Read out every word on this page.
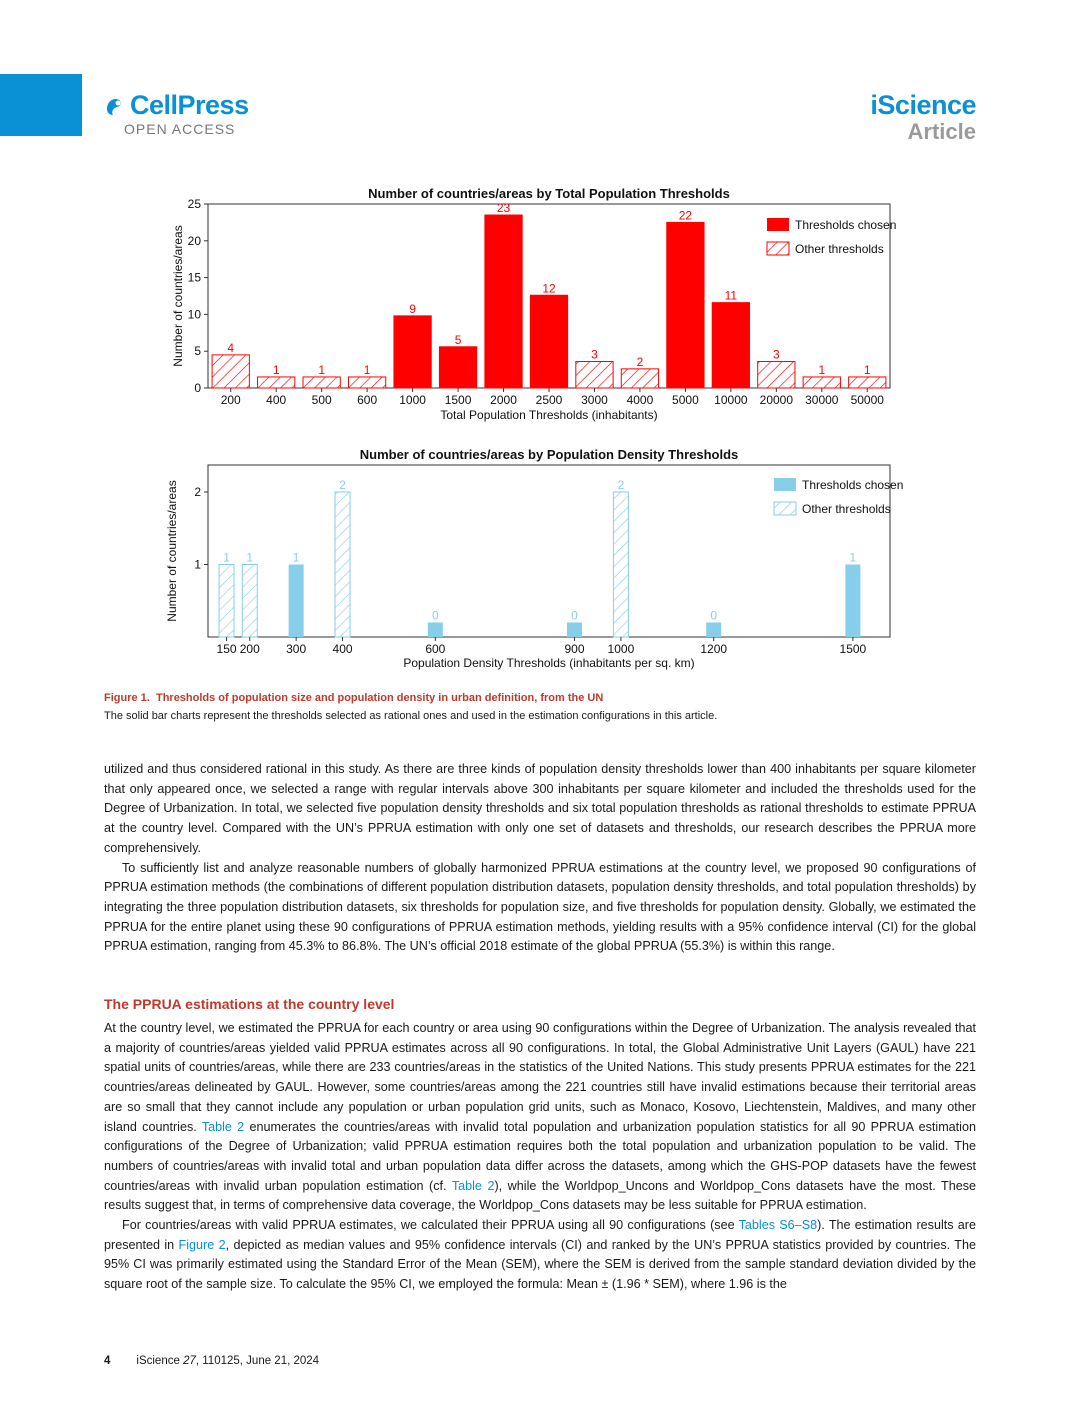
CellPress
OPEN ACCESS
iScience
Article
Number of countries/areas by Total Population Thresholds
0
5
10
15
20
25
Number of countries/areas	4
200
1
400
1
500
1
600
9
1000
5
1500
23
2000
12
2500
3
3000
2
4000
22
5000
11
10000
3
20000
1
30000
1
50000
Total Population Thresholds (inhabitants)
Thresholds chosen
Other thresholds
Number of countries/areas by Population Density Thresholds
1
2
Number of countries/areas	1
150
1
200
1
300
2
400
0
600
0
900
2
1000
0
1200
1
1500
Population Density Thresholds (inhabitants per sq. km)
Thresholds chosen
Other thresholds
Figure 1. Thresholds of population size and population density in urban definition, from the UN
The solid bar charts represent the thresholds selected as rational ones and used in the estimation configurations in this article.

utilized and thus considered rational in this study. As there are three kinds of population density thresholds lower than 400 inhabitants per square kilometer that only appeared once, we selected a range with regular intervals above 300 inhabitants per square kilometer and included the thresholds used for the Degree of Urbanization. In total, we selected five population density thresholds and six total population thresholds as rational thresholds to estimate PPRUA at the country level. Compared with the UN’s PPRUA estimation with only one set of datasets and thresholds, our research describes the PPRUA more comprehensively.

To sufficiently list and analyze reasonable numbers of globally harmonized PPRUA estimations at the country level, we proposed 90 configurations of PPRUA estimation methods (the combinations of different population distribution datasets, population density thresholds, and total population thresholds) by integrating the three population distribution datasets, six thresholds for population size, and five thresholds for population density. Globally, we estimated the PPRUA for the entire planet using these 90 configurations of PPRUA estimation methods, yielding results with a 95% confidence interval (CI) for the global PPRUA estimation, ranging from 45.3% to 86.8%. The UN’s official 2018 estimate of the global PPRUA (55.3%) is within this range.

The PPRUA estimations at the country level

At the country level, we estimated the PPRUA for each country or area using 90 configurations within the Degree of Urbanization. The analysis revealed that a majority of countries/areas yielded valid PPRUA estimates across all 90 configurations. In total, the Global Administrative Unit Layers (GAUL) have 221 spatial units of countries/areas, while there are 233 countries/areas in the statistics of the United Nations. This study presents PPRUA estimates for the 221 countries/areas delineated by GAUL. However, some countries/areas among the 221 countries still have invalid estimations because their territorial areas are so small that they cannot include any population or urban population grid units, such as Monaco, Kosovo, Liechtenstein, Maldives, and many other island countries. Table 2 enumerates the countries/areas with invalid total population and urbanization population statistics for all 90 PPRUA estimation configurations of the Degree of Urbanization; valid PPRUA estimation requires both the total population and urbanization population to be valid. The numbers of countries/areas with invalid total and urban population data differ across the datasets, among which the GHS-POP datasets have the fewest countries/areas with invalid urban population estimation (cf. Table 2), while the Worldpop_Uncons and Worldpop_Cons datasets have the most. These results suggest that, in terms of comprehensive data coverage, the Worldpop_Cons datasets may be less suitable for PPRUA estimation.

For countries/areas with valid PPRUA estimates, we calculated their PPRUA using all 90 configurations (see Tables S6–S8). The estimation results are presented in Figure 2, depicted as median values and 95% confidence intervals (CI) and ranked by the UN’s PPRUA statistics provided by countries. The 95% CI was primarily estimated using the Standard Error of the Mean (SEM), where the SEM is derived from the sample standard deviation divided by the square root of the sample size. To calculate the 95% CI, we employed the formula: Mean ± (1.96 * SEM), where 1.96 is the

4 iScience 27, 110125, June 21, 2024
